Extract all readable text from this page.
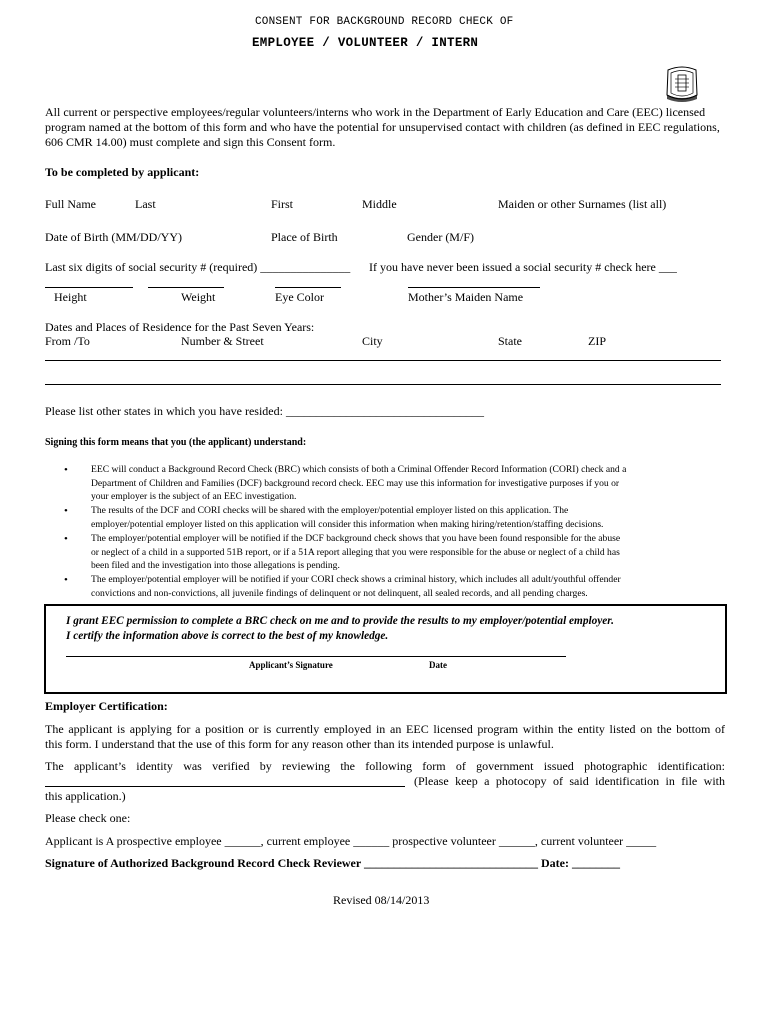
CONSENT FOR BACKGROUND RECORD CHECK OF
EMPLOYEE / VOLUNTEER / INTERN
All current or perspective employees/regular volunteers/interns who work in the Department of Early Education and Care (EEC) licensed program named at the bottom of this form and who have the potential for unsupervised contact with children (as defined in EEC regulations, 606 CMR 14.00) must complete and sign this Consent form.
To be completed by applicant:
Full Name	Last	First	Middle	Maiden or other Surnames (list all)
Date of Birth (MM/DD/YY)	Place of Birth	Gender (M/F)
Last six digits of social security # (required) _______________ If you have never been issued a social security # check here ___
Height	Weight	Eye Color	Mother’s Maiden Name
Dates and Places of Residence for the Past Seven Years:
From /To	Number & Street	City	State	ZIP
Please list other states in which you have resided: _________________________________
Signing this form means that you (the applicant) understand:
• EEC will conduct a Background Record Check (BRC) which consists of both a Criminal Offender Record Information (CORI) check and a
Department of Children and Families (DCF) background record check. EEC may use this information for investigative purposes if you or
your employer is the subject of an EEC investigation.
• The results of the DCF and CORI checks will be shared with the employer/potential employer listed on this application. The
employer/potential employer listed on this application will consider this information when making hiring/retention/staffing decisions.
• The employer/potential employer will be notified if the DCF background check shows that you have been found responsible for the abuse
or neglect of a child in a supported 51B report, or if a 51A report alleging that you were responsible for the abuse or neglect of a child has
been filed and the investigation into those allegations is pending.
• The employer/potential employer will be notified if your CORI check shows a criminal history, which includes all adult/youthful offender
convictions and non-convictions, all juvenile findings of delinquent or not delinquent, all sealed records, and all pending charges.
I grant EEC permission to complete a BRC check on me and to provide the results to my employer/potential employer.
I certify the information above is correct to the best of my knowledge.
Applicant’s Signature	Date
Employer Certification:
The applicant is applying for a position or is currently employed in an EEC licensed program within the entity listed on the bottom of
this form. I understand that the use of this form for any reason other than its intended purpose is unlawful.
The applicant’s identity was verified by reviewing the following form of government issued photographic identification:
(Please keep a photocopy of said identification in file with
this application.)
Please check one:
Applicant is A prospective employee ______, current employee ______ prospective volunteer ______, current volunteer _____
Signature of Authorized Background Record Check Reviewer _____________________________ Date: ________
Revised 08/14/2013
